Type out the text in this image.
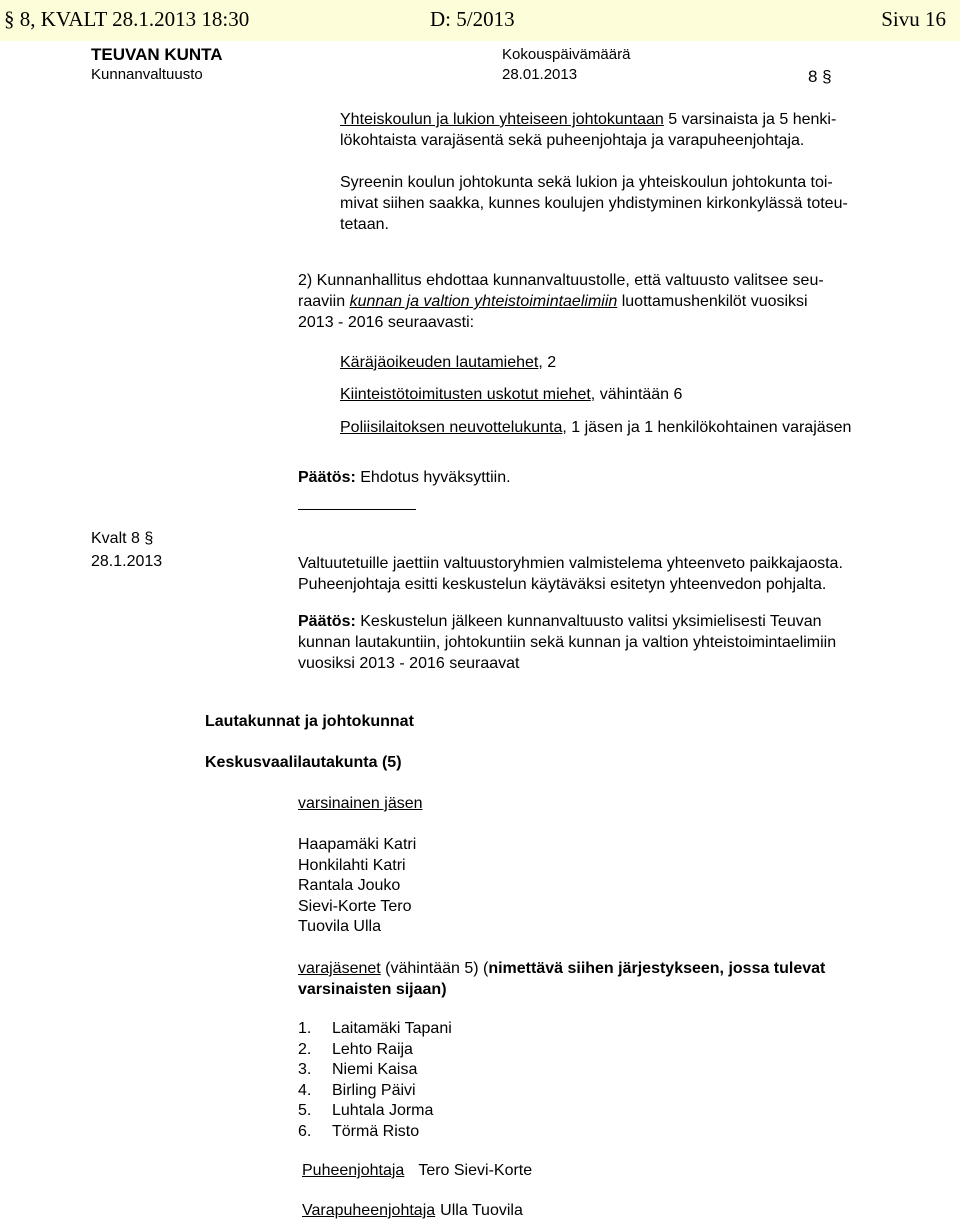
§ 8, KVALT 28.1.2013 18:30	D: 5/2013	Sivu 16
TEUVAN KUNTA	Kokouspäivämäärä
Kunnanvaltuusto	28.01.2013	8 §
Yhteiskoulun ja lukion yhteiseen johtokuntaan 5 varsinaista ja 5 henki-
lökohtaista varajäsentä sekä puheenjohtaja ja varapuheenjohtaja.
Syreenin koulun johtokunta sekä lukion ja yhteiskoulun johtokunta toi-
mivat siihen saakka, kunnes koulujen yhdistyminen kirkonkylässä toteu-
tetaan.
2) Kunnanhallitus ehdottaa kunnanvaltuustolle, että valtuusto valitsee seu-
raaviin kunnan ja valtion yhteistoimintaelimiin luottamushenkilöt vuosiksi
2013 - 2016 seuraavasti:
Käräjäoikeuden lautamiehet, 2
Kiinteistötoimitusten uskotut miehet, vähintään 6
Poliisilaitoksen neuvottelukunta, 1 jäsen ja 1 henkilökohtainen varajäsen
Päätös: Ehdotus hyväksyttiin.
Kvalt 8 §
28.1.2013	Valtuutetuille jaettiin valtuustoryhmien valmistelema yhteenveto paikkajaosta.
Puheenjohtaja esitti keskustelun käytäväksi esitetyn yhteenvedon pohjalta.
Päätös: Keskustelun jälkeen kunnanvaltuusto valitsi yksimielisesti Teuvan
kunnan lautakuntiin, johtokuntiin sekä kunnan ja valtion yhteistoimintaelimiin
vuosiksi 2013 - 2016 seuraavat
Lautakunnat ja johtokunnat
Keskusvaalilautakunta (5)
varsinainen jäsen
Haapamäki Katri
Honkilahti Katri
Rantala Jouko
Sievi-Korte Tero
Tuovila Ulla
varajäsenet (vähintään 5) (nimettävä siihen järjestykseen, jossa tulevat
varsinaisten sijaan)
1. Laitamäki Tapani
2. Lehto Raija
3. Niemi Kaisa
4. Birling Päivi
5. Luhtala Jorma
6. Törmä Risto
Puheenjohtaja Tero Sievi-Korte
Varapuheenjohtaja Ulla Tuovila
